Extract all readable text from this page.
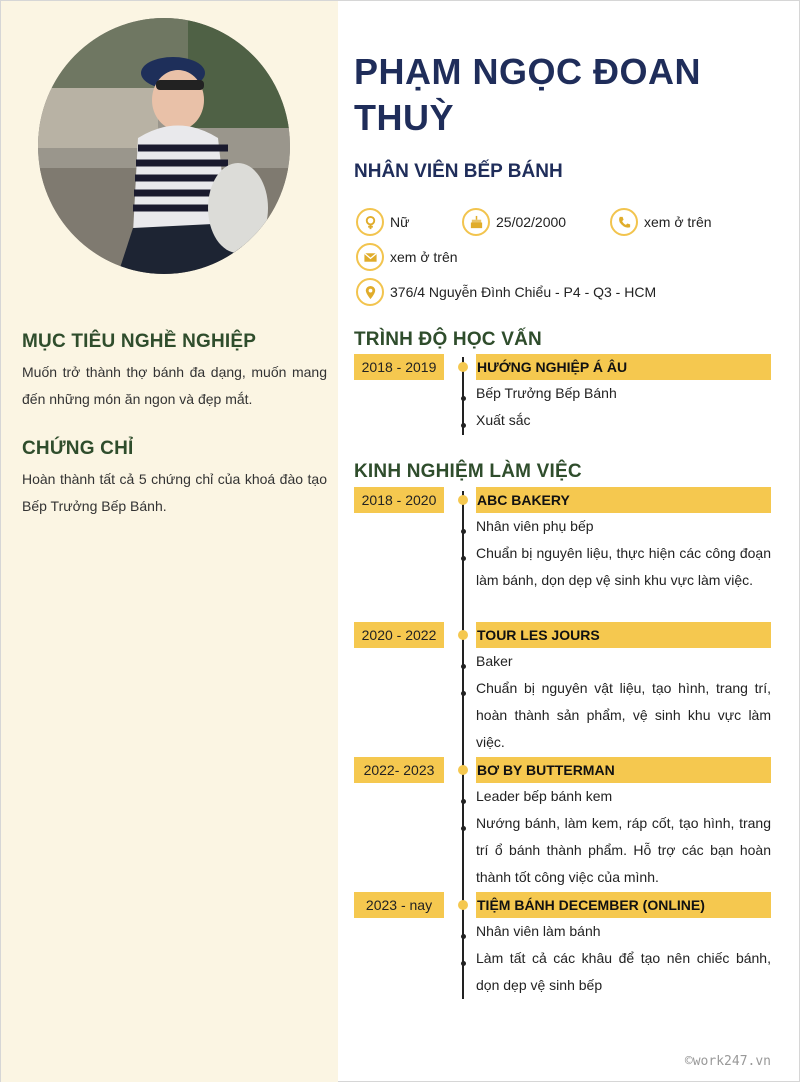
MỤC TIÊU NGHỀ NGHIỆP
Muốn trở thành thợ bánh đa dạng, muốn mang đến những món ăn ngon và đẹp mắt.
CHỨNG CHỈ
Hoàn thành tất cả 5 chứng chỉ của khoá đào tạo Bếp Trưởng Bếp Bánh.
PHẠM NGỌC ĐOAN THUỲ
NHÂN VIÊN BẾP BÁNH
Nữ	25/02/2000	xem ở trên
xem ở trên
376/4 Nguyễn Đình Chiểu - P4 - Q3 - HCM
TRÌNH ĐỘ HỌC VẤN
2018 - 2019	HƯỚNG NGHIỆP Á ÂU
Bếp Trưởng Bếp Bánh
Xuất sắc
KINH NGHIỆM LÀM VIỆC
2018 - 2020	ABC BAKERY
Nhân viên phụ bếp
Chuẩn bị nguyên liệu, thực hiện các công đoạn làm bánh, dọn dẹp vệ sinh khu vực làm việc.
2020 - 2022	TOUR LES JOURS
Baker
Chuẩn bị nguyên vật liệu, tạo hình, trang trí, hoàn thành sản phẩm, vệ sinh khu vực làm việc.
2022- 2023	BƠ BY BUTTERMAN
Leader bếp bánh kem
Nướng bánh, làm kem, ráp cốt, tạo hình, trang trí ổ bánh thành phẩm. Hỗ trợ các bạn hoàn thành tốt công việc của mình.
2023 - nay	TIỆM BÁNH DECEMBER (ONLINE)
Nhân viên làm bánh
Làm tất cả các khâu để tạo nên chiếc bánh, dọn dẹp vệ sinh bếp
©work247.vn
